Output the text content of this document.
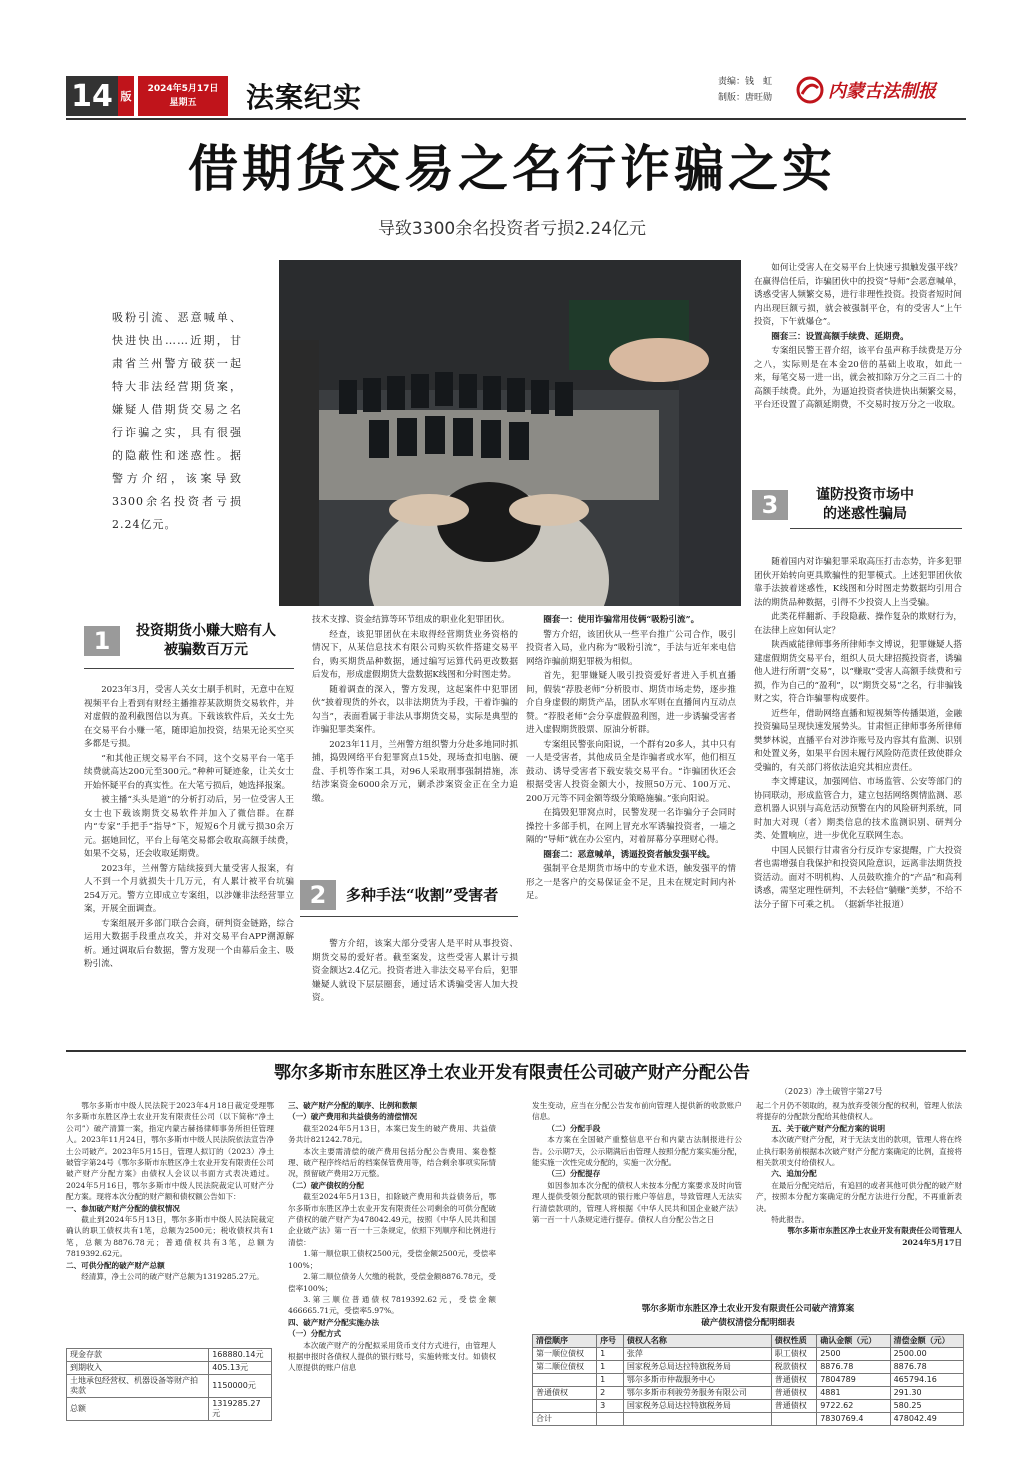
14 版
2024年5月17日
星期五 法案纪实	责编：钱　虹
制版：唐旺勋	内蒙古法制报
借期货交易之名行诈骗之实
导致3300余名投资者亏损2.24亿元
吸粉引流、恶意喊单、快进快出……近期，甘肃省兰州警方破获一起特大非法经营期货案，嫌疑人借期货交易之名行诈骗之实，具有很强的隐蔽性和迷惑性。据警方介绍，该案导致3300余名投资者亏损2.24亿元。

如何让受害人在交易平台上快速亏损触发强平线？在赢得信任后，诈骗团伙中的投资“导师”会恶意喊单，诱惑受害人频繁交易，进行非理性投资。投资者短时间内出现巨额亏损，就会被强制平仓，有的受害人“上午投资，下午就爆仓”。

圈套三：设置高额手续费、延期费。

专案组民警王晋介绍，该平台虽声称手续费是万分之八，实际则是在本金20倍的基础上收取，如此一来，每笔交易一进一出，就会被扣除万分之三百二十的高额手续费。此外，为逼迫投资者快进快出频繁交易，平台还设置了高额延期费，不交易时按万分之一收取。

3	谨防投资市场中的迷惑性骗局

随着国内对诈骗犯罪采取高压打击态势，许多犯罪团伙开始转向更具欺骗性的犯罪模式。上述犯罪团伙依靠手法披着迷惑性，K线图和分时图走势数据均引用合法的期货品种数据，引得不少投资人上当受骗。

此类花样翻新、手段隐蔽、操作复杂的欺财行为，在法律上应如何认定？

陕西威能律师事务所律师李文博说，犯罪嫌疑人搭建虚假期货交易平台，组织人员大肆招揽投资者，诱骗他人进行所谓“交易”，以“赚取”受害人高额手续费和亏损，作为自己的“盈利”，以“期货交易”之名，行非骗钱财之实，符合诈骗罪构成要件。

近些年，借助网络直播和短视频等传播渠道，金融投资骗局呈现快速发展势头。甘肃恒正律师事务所律师樊梦林说，直播平台对涉诈账号及内容其有监测、识别和处置义务，如果平台因未履行风险防范责任致使群众受骗的，有关部门将依法追究其相应责任。

李文博建议，加强网信、市场监管、公安等部门的协同联动，形成监管合力，建立包括网络舆情监测、恶意机器人识别与高危活动预警在内的风险研判系统，同时加大对现（者）期类信息的技术监测识别、研判分类、处置响应，进一步优化互联网生态。

中国人民银行甘肃省分行反诈专家提醒，广大投资者也需增强自我保护和投资风险意识，远离非法期货投资活动。面对不明机构、人员鼓吹推介的“产品”和高利诱惑，需坚定理性研判，不去轻信“躺赚”美梦，不给不法分子留下可乘之机。　（据新华社报道）

1	投资期货小赚大赔有人被骗数百万元

2023年3月，受害人关女士刷手机时，无意中在短视频平台上看到有财经主播推荐某款期货交易软件，并对虚假的盈利截图信以为真。下载该软件后，关女士先在交易平台小赚一笔，随即追加投资，结果无论买空买多都是亏损。

“和其他正规交易平台不同，这个交易平台一笔手续费就高达200元至300元。”种种可疑迹象，让关女士开始怀疑平台的真实性。在大笔亏损后，她选择报案。

被主播“头头是道”的分析打动后，另一位受害人王女士也下载该期货交易软件并加入了微信群。在群内“专家”手把手“指导”下，短短6个月就亏损30余万元。据她回忆，平台上每笔交易都会收取高额手续费，如果不交易，还会收取延期费。

2023年，兰州警方陆续接到大量受害人报案，有人不到一个月就损失十几万元，有人累计被平台坑骗254万元。警方立即成立专案组，以涉嫌非法经营罪立案，开展全面调查。

专案组展开多部门联合会商，研判资金链路，综合运用大数据手段重点攻关，并对交易平台APP溯源解析。通过调取后台数据，警方发现一个由幕后金主、吸粉引流、

技术支撑、资金结算等环节组成的职业化犯罪团伙。

经查，该犯罪团伙在未取得经营期货业务资格的情况下，从某信息技术有限公司购买软件搭建交易平台，购买期货品种数据，通过编写运算代码更改数据后发布，形成虚假期货大盘数据K线图和分时图走势。

随着调查的深入，警方发现，这起案件中犯罪团伙“披着现货的外衣，以非法期货为手段，干着诈骗的勾当”，表面看属于非法从事期货交易，实际是典型的诈骗犯罪类案件。

2023年11月，兰州警方组织警力分赴多地同时抓捕，捣毁网络平台犯罪窝点15处，现场查扣电脑、硬盘、手机等作案工具，对96人采取刑事强制措施，冻结涉案资金6000余万元，剿杀涉案资金正在全力追缴。

2	多种手法“收割”受害者

警方介绍，该案大部分受害人是平时从事投资、期货交易的爱好者。截至案发，这些受害人累计亏损资金额达2.4亿元。投资者进入非法交易平台后，犯罪嫌疑人就设下层层圈套，通过话术诱骗受害人加大投资。

圈套一：使用诈骗常用伎俩“吸粉引流”。

警方介绍，该团伙从一些平台推广公司合作，吸引投资者入局，业内称为“吸粉引流”，手法与近年来电信网络诈骗前期犯罪极为相似。

首先，犯罪嫌疑人吸引投资爱好者进入手机直播间，假装“荐股老师”分析股市、期货市场走势，逐步推介自身虚假的期货产品，团队水军则在直播间内互动点赞。“荐股老师”会分享虚假盈利图，进一步诱骗受害者进入虚假期货股票、原油分析群。

专案组民警张向阳说，一个群有20多人，其中只有一人是受害者，其他成员全是诈骗者或水军，他们相互鼓动、诱导受害者下载安装交易平台。“诈骗团伙还会根据受害人投资金额大小，按照50万元、100万元、200万元等不同金额等级分策略施骗。”张向阳说。

在捣毁犯罪窝点时，民警发现一名诈骗分子会同时操控十多部手机，在网上冒充水军诱骗投资者，一墙之隔的“导师”就在办公室内，对着屏幕分享理财心得。

圈套二：恶意喊单，诱逼投资者触发强平线。

强制平仓是期货市场中的专业术语，触发强平的情形之一是客户的交易保证金不足，且未在规定时间内补足。

鄂尔多斯市东胜区净土农业开发有限责任公司破产财产分配公告
（2023）净土破管字第27号

鄂尔多斯市中级人民法院于2023年4月18日裁定受理鄂尔多斯市东胜区净土农业开发有限责任公司（以下简称“净土公司”）破产清算一案，指定内蒙古赫扬律师事务所担任管理人。2023年11月24日，鄂尔多斯市中级人民法院依法宣告净土公司破产。2023年5月15日，管理人拟订的（2023）净土破管字第24号《鄂尔多斯市东胜区净土农业开发有限责任公司破产财产分配方案》由债权人会议以书面方式表决通过。2024年5月16日，鄂尔多斯市中级人民法院裁定认可财产分配方案。现将本次分配的财产额和债权额公告如下：

一、参加破产财产分配的债权情况

截止到2024年5月13日，鄂尔多斯市中级人民法院裁定确认的职工债权共有1笔，总额为2500元；税收债权共有1笔，总额为8876.78元；普通债权共有3笔，总额为7819392.62元。

二、可供分配的破产财产总额

经清算，净土公司的破产财产总额为1319285.27元。

现金存款	168880.14元
到期收入	405.13元
土地承包经营权、机器设备等财产拍卖款	1150000元
总额	1319285.27元

三、破产财产分配的顺序、比例和数额

（一）破产费用和共益债务的清偿情况

截至2024年5月13日，本案已发生的破产费用、共益债务共计821242.78元。

本次主要需清偿的破产费用包括分配公告费用、案卷整理、破产程序终结后的档案保管费用等，结合剩余事项实际情况，预留破产费用2万元整。

（二）破产债权的分配

截至2024年5月13日，扣除破产费用和共益债务后，鄂尔多斯市东胜区净土农业开发有限责任公司剩余的可供分配破产债权的破产财产为478042.49元，按照《中华人民共和国企业破产法》第一百一十三条规定，依照下列顺序和比例进行清偿：

1.第一顺位职工债权2500元，受偿金额2500元，受偿率100%；

2.第二顺位债务人欠缴的税款，受偿金额8876.78元，受偿率100%；

3.第三顺位普通债权7819392.62元，受偿金额466665.71元，受偿率5.97%。

四、破产财产分配实施办法

（一）分配方式

本次破产财产的分配拟采用货币支付方式进行，由管理人根据申报时各债权人提供的银行账号，实施转账支付。如债权人原提供的账户信息

发生变动，应当在分配公告发布前向管理人提供新的收款账户信息。

（二）分配手段

本方案在全国破产重整信息平台和内蒙古法制报进行公告。公示期7天，公示期满后由管理人按照分配方案实施分配，能实施一次性完成分配的，实施一次分配。

（三）分配提存

如因参加本次分配的债权人未按本分配方案要求及时向管理人提供受领分配款项的银行账户等信息，导致管理人无法实行清偿款项的，管理人将根据《中华人民共和国企业破产法》第一百一十八条规定进行提存。债权人自分配公告之日

起二个月仍不领取的，视为放弃受领分配的权利，管理人依法将提存的分配款分配给其他债权人。

五、关于破产财产分配方案的说明

本次破产财产分配，对于无法支出的款项，管理人将在终止执行职务前根据本次破产财产分配方案确定的比例，直接将相关款项支付给债权人。

六、追加分配

在最后分配完结后，有追回的或者其他可供分配的破产财产，按照本分配方案确定的分配方法进行分配，不再重新表决。

特此报告。

鄂尔多斯市东胜区净土农业开发有限责任公司管理人

2024年5月17日

鄂尔多斯市东胜区净土农业开发有限责任公司破产清算案
破产债权清偿分配明细表
清偿顺序	序号	债权人名称	债权性质	确认金额（元）	清偿金额（元）
第一顺位债权	1	张萍	职工债权	2500	2500.00
第二顺位债权	1	国家税务总局达拉特旗税务局	税款债权	8876.78	8876.78
	1	鄂尔多斯市仲裁服务中心	普通债权	7804789	465794.16
普通债权	2	鄂尔多斯市利骏劳务服务有限公司	普通债权	4881	291.30
	3	国家税务总局达拉特旗税务局	普通债权	9722.62	580.25
合计				7830769.4	478042.49
